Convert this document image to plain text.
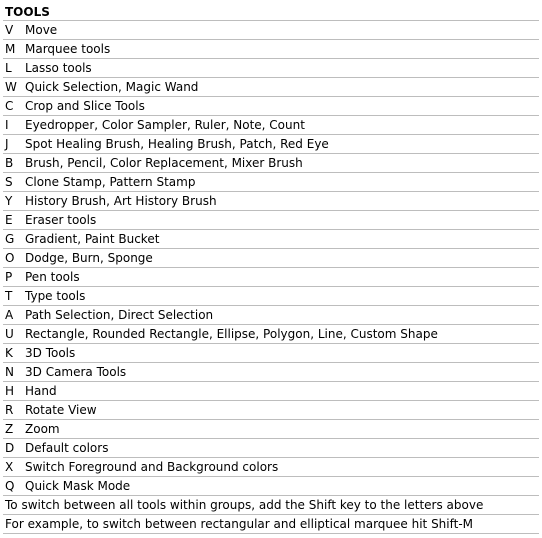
TOOLS
V Move
M Marquee tools
L	Lasso tools
W Quick Selection, Magic Wand
C Crop and Slice Tools
I	Eyedropper, Color Sampler, Ruler, Note, Count
J	Spot Healing Brush, Healing Brush, Patch, Red Eye
B Brush, Pencil, Color Replacement, Mixer Brush
S	Clone Stamp, Pattern Stamp
Y	History Brush, Art History Brush
E	Eraser tools
G Gradient, Paint Bucket
O Dodge, Burn, Sponge
P	Pen tools
T	Type tools
A Path Selection, Direct Selection
U Rectangle, Rounded Rectangle, Ellipse, Polygon, Line, Custom Shape
K	3D Tools
N 3D Camera Tools
H Hand
R Rotate View
Z Zoom
D Default colors
X Switch Foreground and Background colors
Q Quick Mask Mode
To switch between all tools within groups, add the Shift key to the letters above
For example, to switch between rectangular and elliptical marquee hit Shift-M
